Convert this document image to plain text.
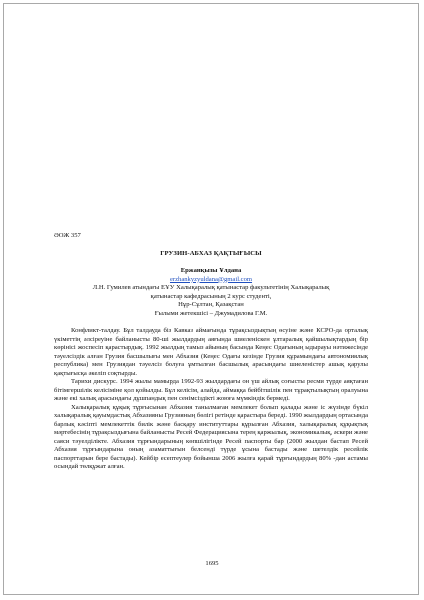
ӘОЖ 357

ГРУЗИН-АБХАЗ ҚАҚТЫҒЫСЫ

Ержанқызы Ұлдана

erzhankyzyuldana@gmail.com

Л.Н. Гумилев атындағы ЕҰУ Халықаралық қатынастар факультетінің Халықаралық

қатынастар кафедрасының 2 курс студенті,

Нұр-Сұлтан, Қазақстан

Ғылыми жетекшісі – Джумадилова Г.М.

Конфликт-талдау. Бұл талдауда біз Кавказ аймағында тұрақсыздықтың өсуіне және КСРО-да орталық үкіметтің әлсіреуіне байланысты 80-ші жылдардың аяғында шиеленіскен ұлтаралық қайшылықтардың бір көрінісі жоспесіп қарастырдық. 1992 жылдың тамыз айының басында Кеңес Одағының ыдырауы нәтижесінде тәуелсіздік алған Грузия басшылығы мен Абхазия (Кеңес Одағы кезінде Грузия құрамындағы автономиялық республика) мен Грузиядан тәуелсіз болуға ұмтылған басшылық арасындағы шиеленістер ашық қарулы қақтығысқа әкеліп соқтырды.

Тарихи дискурс. 1994 жылы мамырда 1992-93 жылдардағы он үш айлық соғысты ресми түрде аяқтаған бітімгершілік келісіміне қол қойылды. Бұл келісім, алайда, аймаққа бейбітшілік пен тұрақтылықтың оралуына және екі халық арасындағы дұшпандық пен сенімсіздікті жоюға мүмкіндік бермеді.

Халықаралық құқық тұрғысынан Абхазия танылмаған мемлекет болып қалады және іс жүзінде бүкіл халықаралық қауымдастық Абхазияны Грузияның бөлігі ретінде қарастыра береді. 1990 жылдардың ортасында барлық кәсіпті мемлекеттік билік және басқару институттары құрылған Абхазия, халықаралық құқықтық мәртебесінің тұрақсыздығына байланысты Ресей Федерациясына терең қаржылық, экономикалық, әскери және саяси тәуелділікте. Абхазия тұрғындарының көпшілігінде Ресей паспорты бар (2000 жылдан бастап Ресей Абхазия тұрғындарына оның азаматтығын белсенді түрде ұсына бастады және шетелдік ресейлік паспорттарын бере бастады). Кейбір есептеулер бойынша 2006 жылға қарай тұрғындардың 80% -дан астамы осындай төлқұжат алған.

1695
